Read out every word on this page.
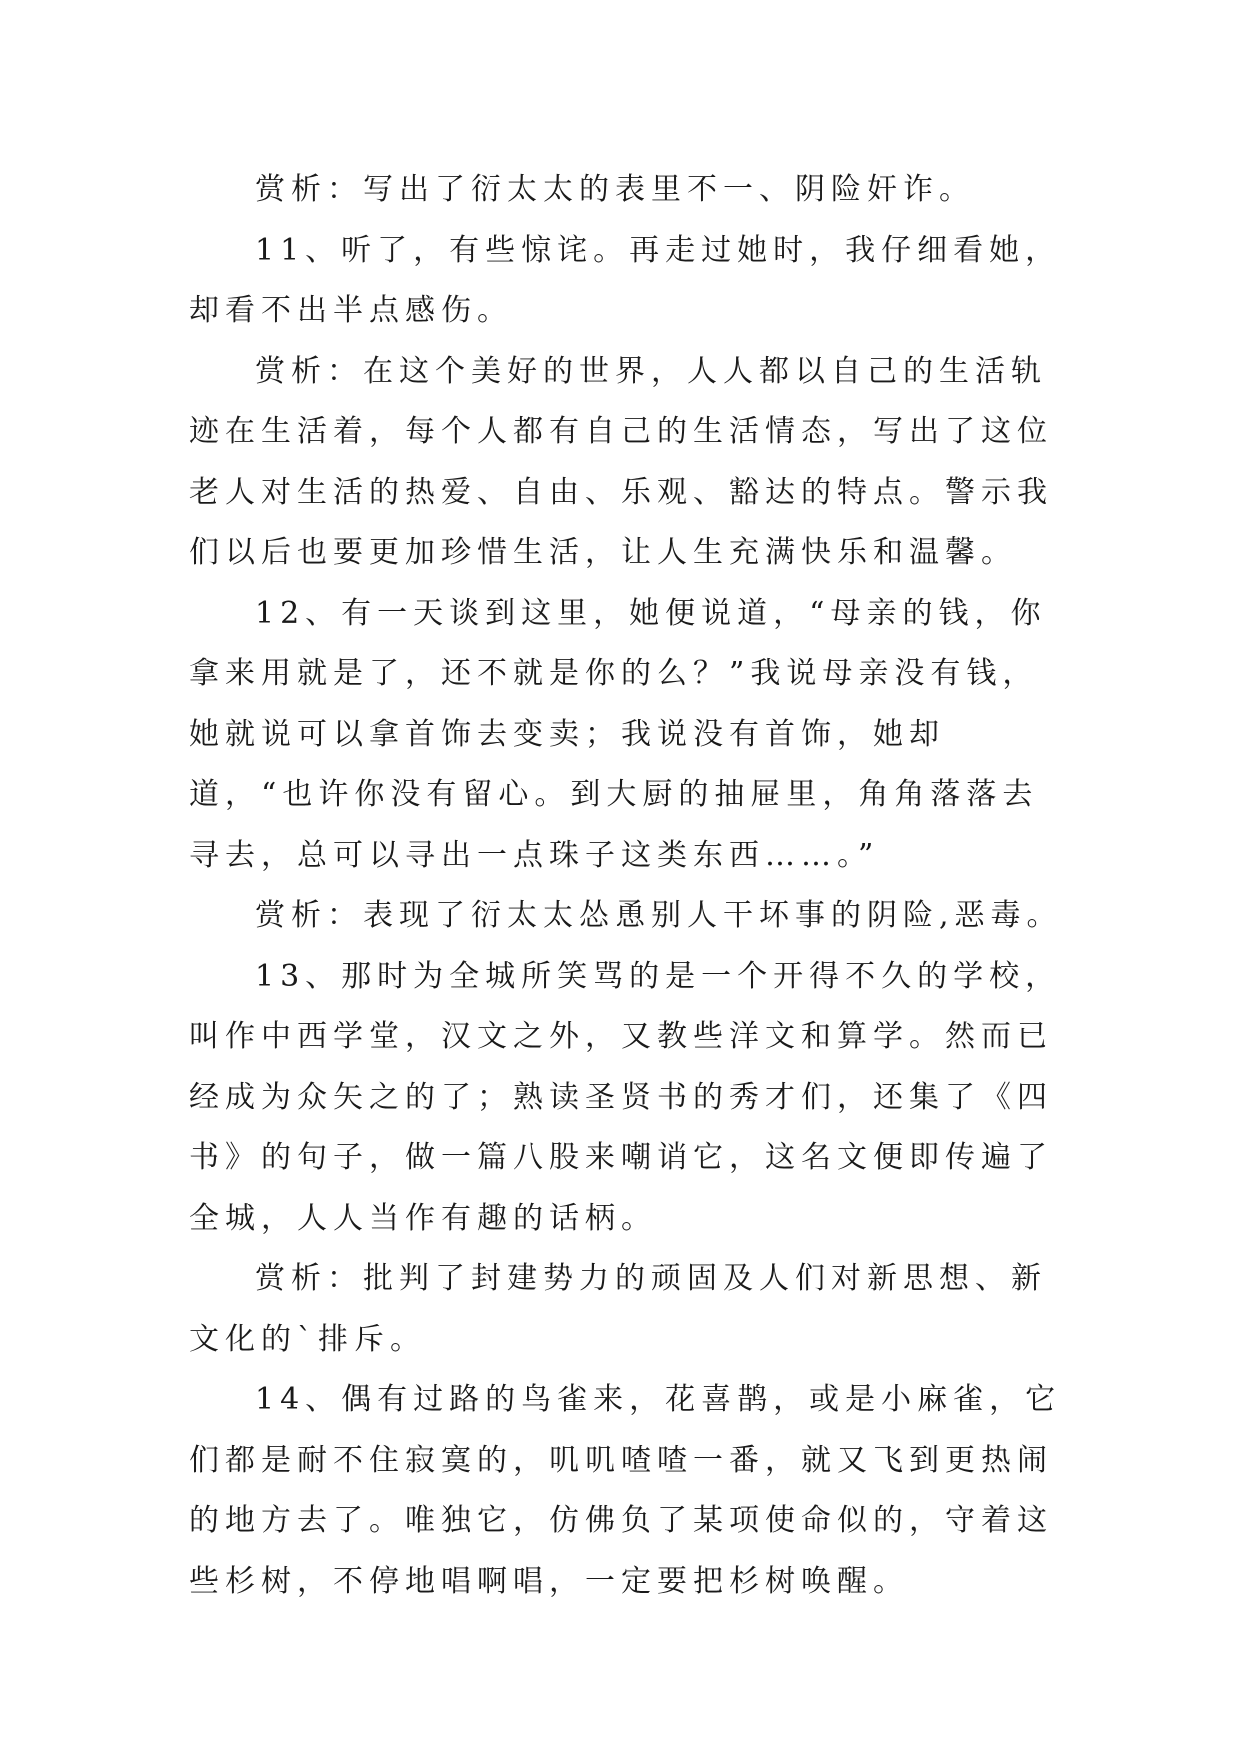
赏析：写出了衍太太的表里不一、阴险奸诈。

11、听了，有些惊诧。再走过她时，我仔细看她，却看不出半点感伤。

赏析：在这个美好的世界，人人都以自己的生活轨迹在生活着，每个人都有自己的生活情态，写出了这位老人对生活的热爱、自由、乐观、豁达的特点。警示我们以后也要更加珍惜生活，让人生充满快乐和温馨。

12、有一天谈到这里，她便说道，“母亲的钱，你拿来用就是了，还不就是你的么？”我说母亲没有钱，她就说可以拿首饰去变卖；我说没有首饰，她却道，“也许你没有留心。到大厨的抽屉里，角角落落去寻去，总可以寻出一点珠子这类东西……。”

赏析：表现了衍太太怂恿别人干坏事的阴险,恶毒。

13、那时为全城所笑骂的是一个开得不久的学校，叫作中西学堂，汉文之外，又教些洋文和算学。然而已经成为众矢之的了；熟读圣贤书的秀才们，还集了《四书》的句子，做一篇八股来嘲诮它，这名文便即传遍了全城，人人当作有趣的话柄。

赏析：批判了封建势力的顽固及人们对新思想、新文化的`排斥。

14、偶有过路的鸟雀来，花喜鹊，或是小麻雀，它们都是耐不住寂寞的，叽叽喳喳一番，就又飞到更热闹的地方去了。唯独它，仿佛负了某项使命似的，守着这些杉树，不停地唱啊唱，一定要把杉树唤醒。
